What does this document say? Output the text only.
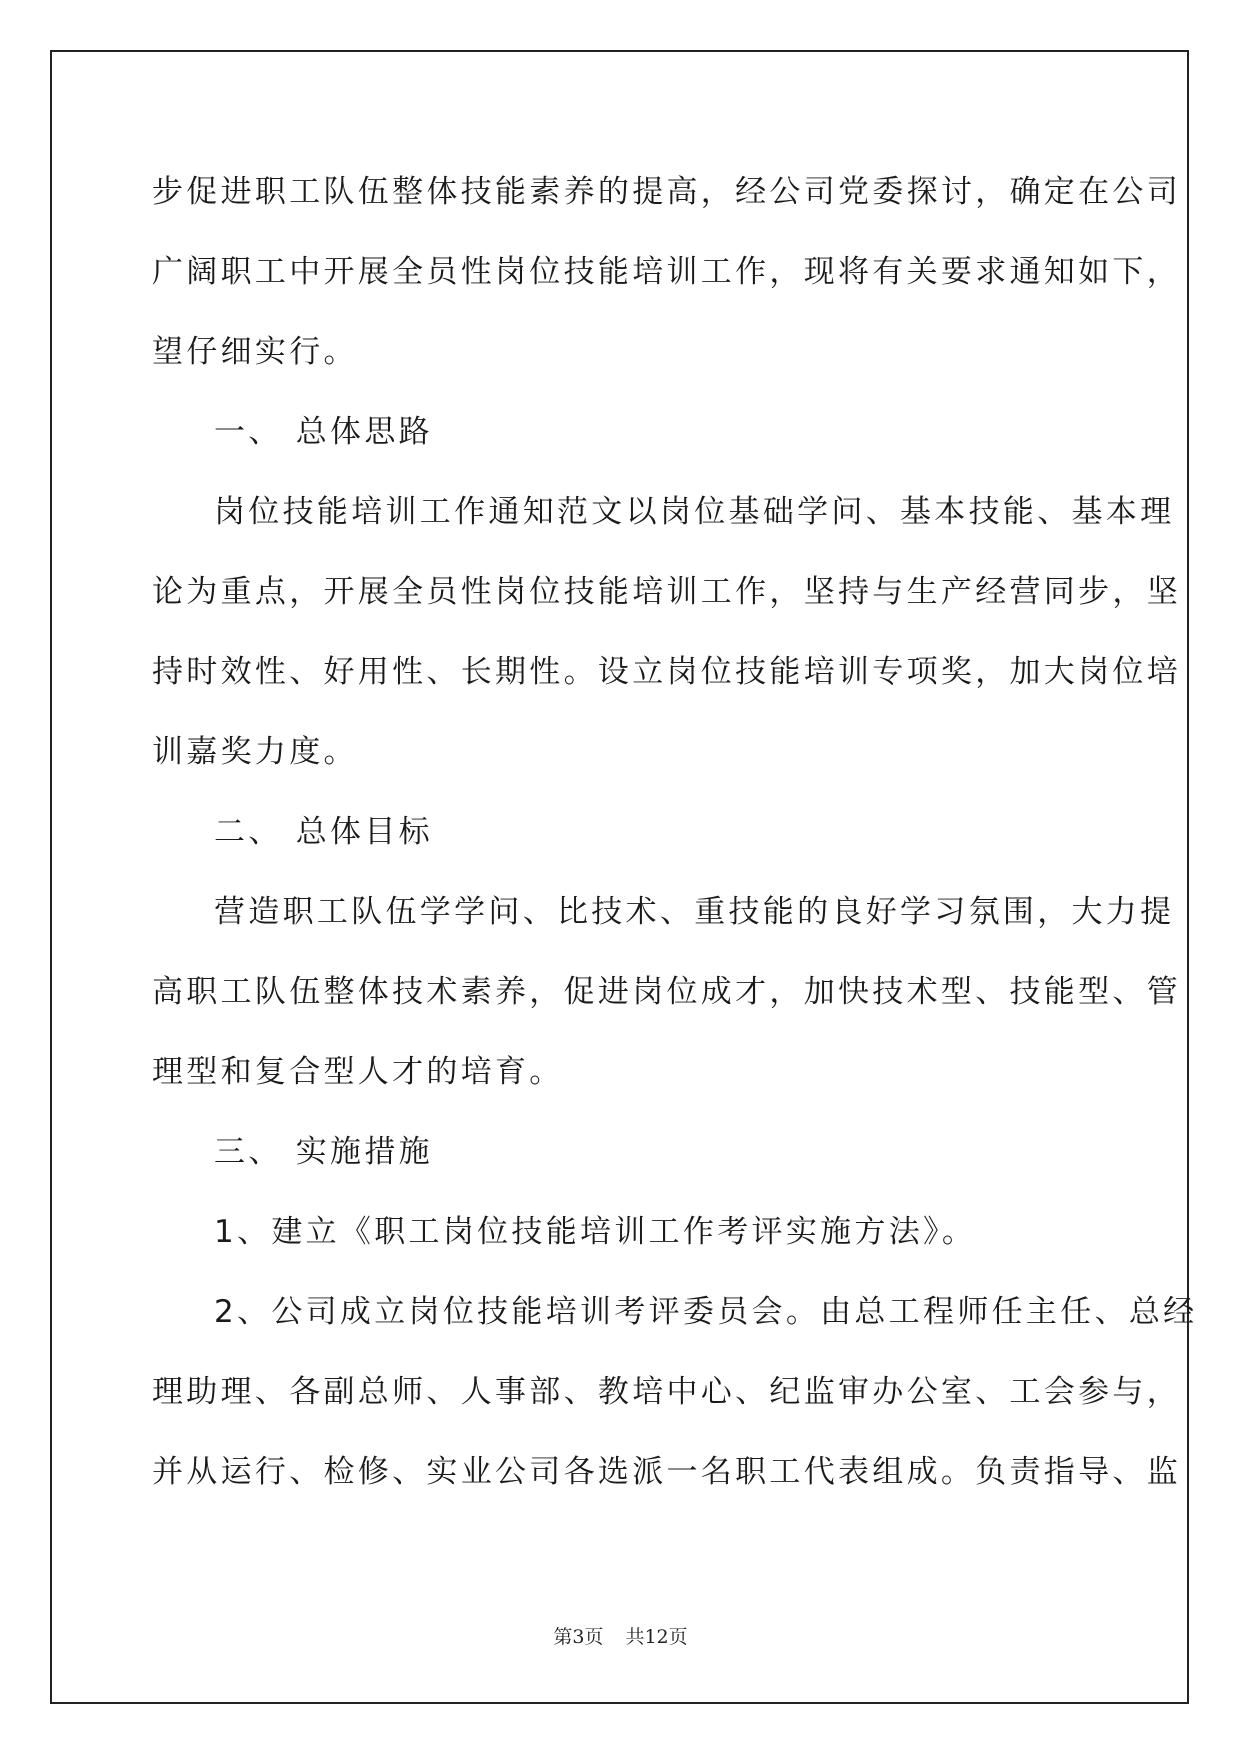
步促进职工队伍整体技能素养的提高，经公司党委探讨，确定在公司
广阔职工中开展全员性岗位技能培训工作，现将有关要求通知如下，
望仔细实行。
一、 总体思路
岗位技能培训工作通知范文以岗位基础学问、基本技能、基本理
论为重点，开展全员性岗位技能培训工作，坚持与生产经营同步，坚
持时效性、好用性、长期性。设立岗位技能培训专项奖，加大岗位培
训嘉奖力度。
二、 总体目标
营造职工队伍学学问、比技术、重技能的良好学习氛围，大力提
高职工队伍整体技术素养，促进岗位成才，加快技术型、技能型、管
理型和复合型人才的培育。
三、 实施措施
1、建立《职工岗位技能培训工作考评实施方法》。
2、公司成立岗位技能培训考评委员会。由总工程师任主任、总经
理助理、各副总师、人事部、教培中心、纪监审办公室、工会参与，
并从运行、检修、实业公司各选派一名职工代表组成。负责指导、监
第3页 共12页
